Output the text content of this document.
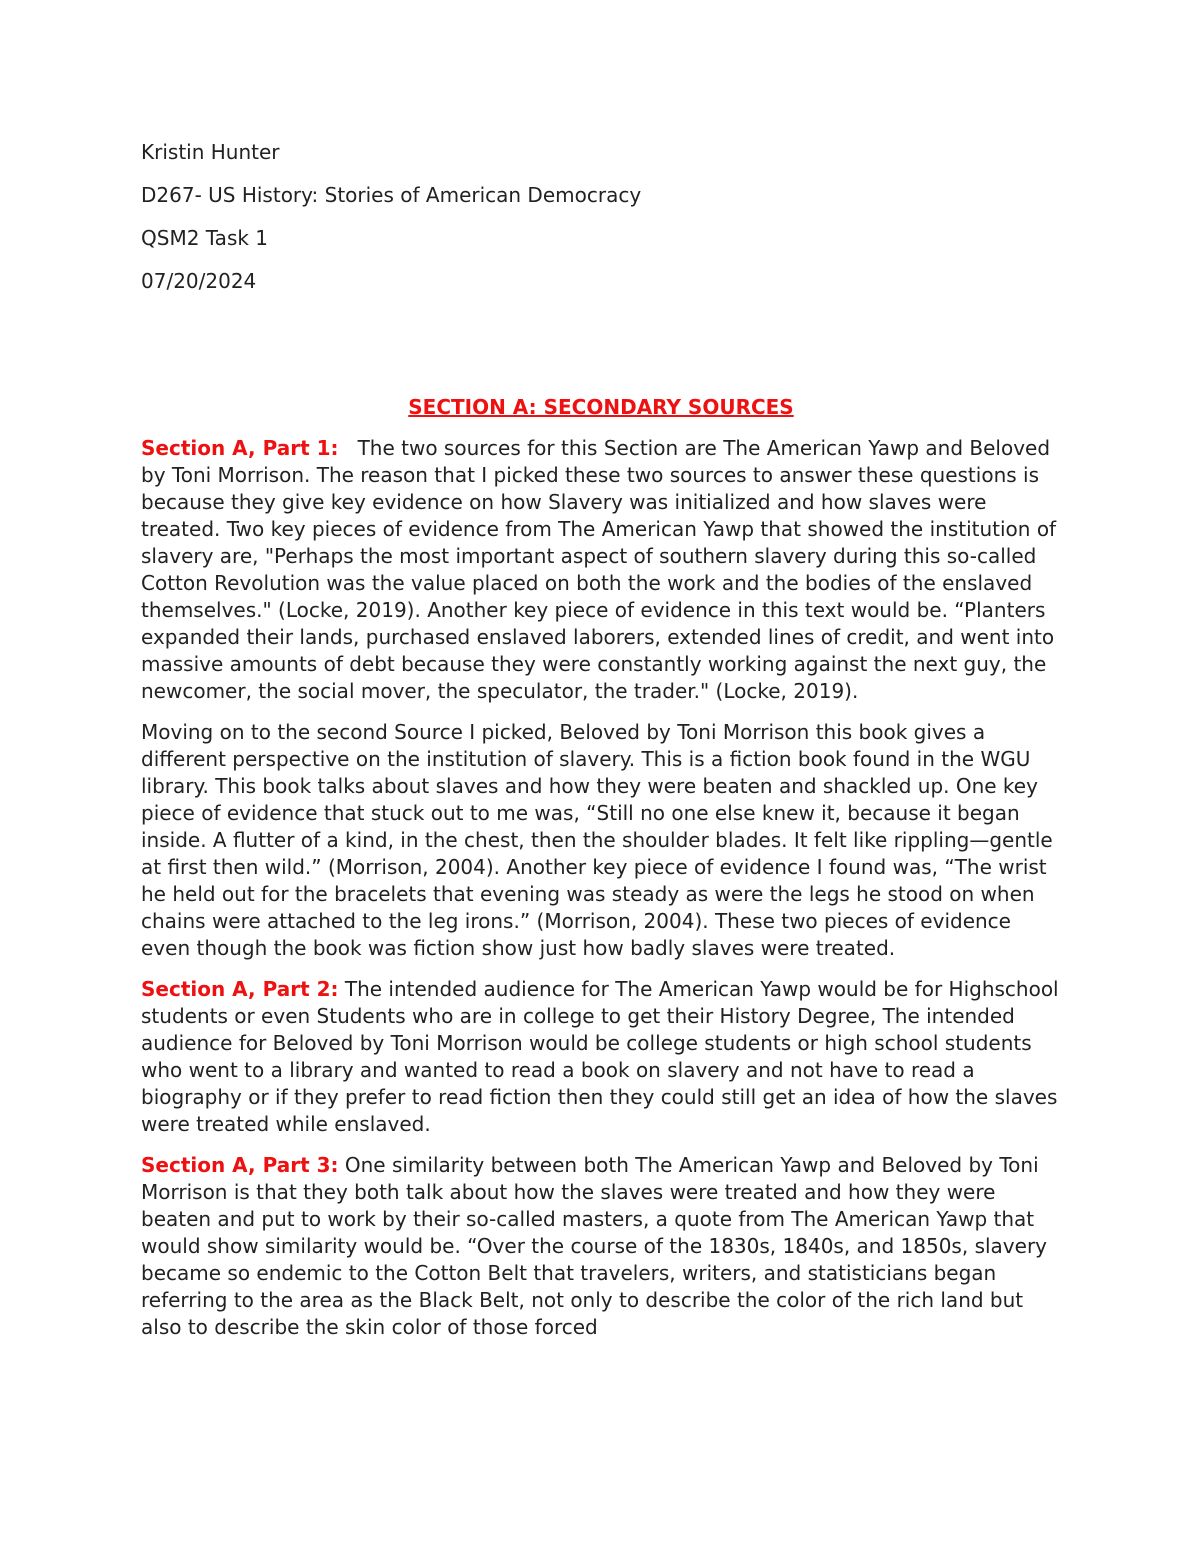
Kristin Hunter

D267- US History: Stories of American Democracy

QSM2 Task 1

07/20/2024

SECTION A: SECONDARY SOURCES

Section A, Part 1:   The two sources for this Section are The American Yawp and Beloved by Toni Morrison. The reason that I picked these two sources to answer these questions is because they give key evidence on how Slavery was initialized and how slaves were treated. Two key pieces of evidence from The American Yawp that showed the institution of slavery are, "Perhaps the most important aspect of southern slavery during this so-called Cotton Revolution was the value placed on both the work and the bodies of the enslaved themselves." (Locke, 2019). Another key piece of evidence in this text would be. “Planters expanded their lands, purchased enslaved laborers, extended lines of credit, and went into massive amounts of debt because they were constantly working against the next guy, the newcomer, the social mover, the speculator, the trader." (Locke, 2019).

Moving on to the second Source I picked, Beloved by Toni Morrison this book gives a different perspective on the institution of slavery. This is a fiction book found in the WGU library. This book talks about slaves and how they were beaten and shackled up. One key piece of evidence that stuck out to me was, “Still no one else knew it, because it began inside. A flutter of a kind, in the chest, then the shoulder blades. It felt like rippling—gentle at first then wild.” (Morrison, 2004). Another key piece of evidence I found was, “The wrist he held out for the bracelets that evening was steady as were the legs he stood on when chains were attached to the leg irons.” (Morrison, 2004). These two pieces of evidence even though the book was fiction show just how badly slaves were treated.

Section A, Part 2: The intended audience for The American Yawp would be for Highschool students or even Students who are in college to get their History Degree, The intended audience for Beloved by Toni Morrison would be college students or high school students who went to a library and wanted to read a book on slavery and not have to read a biography or if they prefer to read fiction then they could still get an idea of how the slaves were treated while enslaved.

Section A, Part 3: One similarity between both The American Yawp and Beloved by Toni Morrison is that they both talk about how the slaves were treated and how they were beaten and put to work by their so-called masters, a quote from The American Yawp that would show similarity would be. “Over the course of the 1830s, 1840s, and 1850s, slavery became so endemic to the Cotton Belt that travelers, writers, and statisticians began referring to the area as the Black Belt, not only to describe the color of the rich land but also to describe the skin color of those forced
